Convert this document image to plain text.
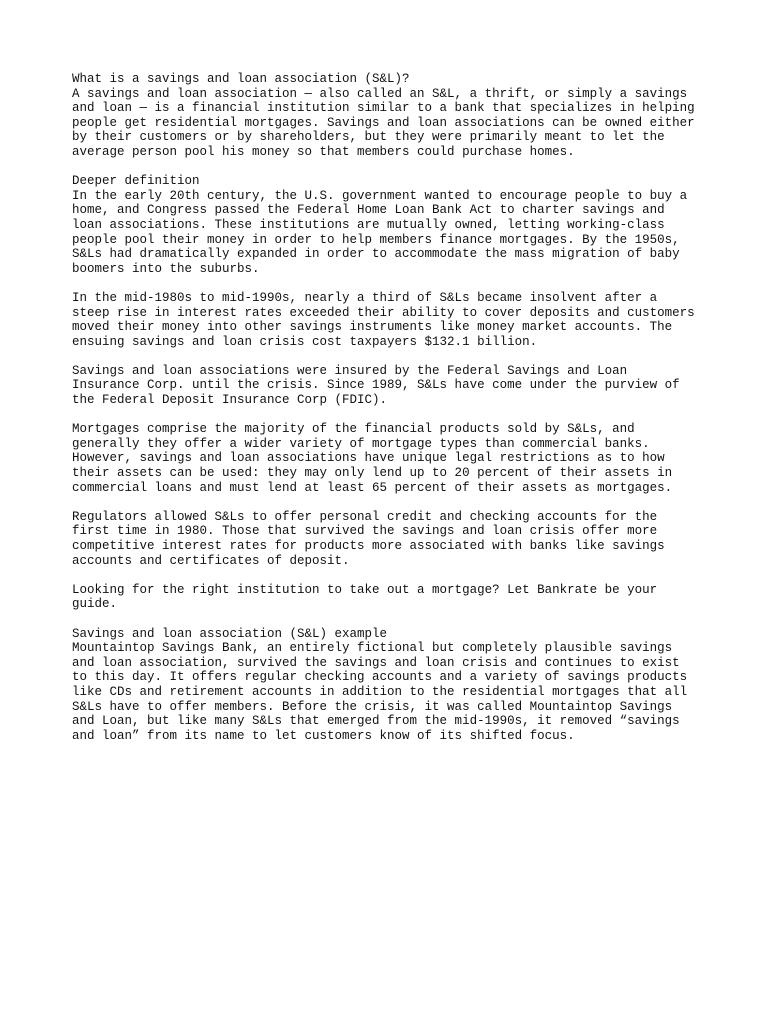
What is a savings and loan association (S&L)?
A savings and loan association — also called an S&L, a thrift, or simply a savings
and loan — is a financial institution similar to a bank that specializes in helping
people get residential mortgages. Savings and loan associations can be owned either
by their customers or by shareholders, but they were primarily meant to let the
average person pool his money so that members could purchase homes.
Deeper definition
In the early 20th century, the U.S. government wanted to encourage people to buy a
home, and Congress passed the Federal Home Loan Bank Act to charter savings and
loan associations. These institutions are mutually owned, letting working-class
people pool their money in order to help members finance mortgages. By the 1950s,
S&Ls had dramatically expanded in order to accommodate the mass migration of baby
boomers into the suburbs.
In the mid-1980s to mid-1990s, nearly a third of S&Ls became insolvent after a
steep rise in interest rates exceeded their ability to cover deposits and customers
moved their money into other savings instruments like money market accounts. The
ensuing savings and loan crisis cost taxpayers $132.1 billion.
Savings and loan associations were insured by the Federal Savings and Loan
Insurance Corp. until the crisis. Since 1989, S&Ls have come under the purview of
the Federal Deposit Insurance Corp (FDIC).
Mortgages comprise the majority of the financial products sold by S&Ls, and
generally they offer a wider variety of mortgage types than commercial banks.
However, savings and loan associations have unique legal restrictions as to how
their assets can be used: they may only lend up to 20 percent of their assets in
commercial loans and must lend at least 65 percent of their assets as mortgages.
Regulators allowed S&Ls to offer personal credit and checking accounts for the
first time in 1980. Those that survived the savings and loan crisis offer more
competitive interest rates for products more associated with banks like savings
accounts and certificates of deposit.
Looking for the right institution to take out a mortgage? Let Bankrate be your
guide.
Savings and loan association (S&L) example
Mountaintop Savings Bank, an entirely fictional but completely plausible savings
and loan association, survived the savings and loan crisis and continues to exist
to this day. It offers regular checking accounts and a variety of savings products
like CDs and retirement accounts in addition to the residential mortgages that all
S&Ls have to offer members. Before the crisis, it was called Mountaintop Savings
and Loan, but like many S&Ls that emerged from the mid-1990s, it removed “savings
and loan” from its name to let customers know of its shifted focus.
